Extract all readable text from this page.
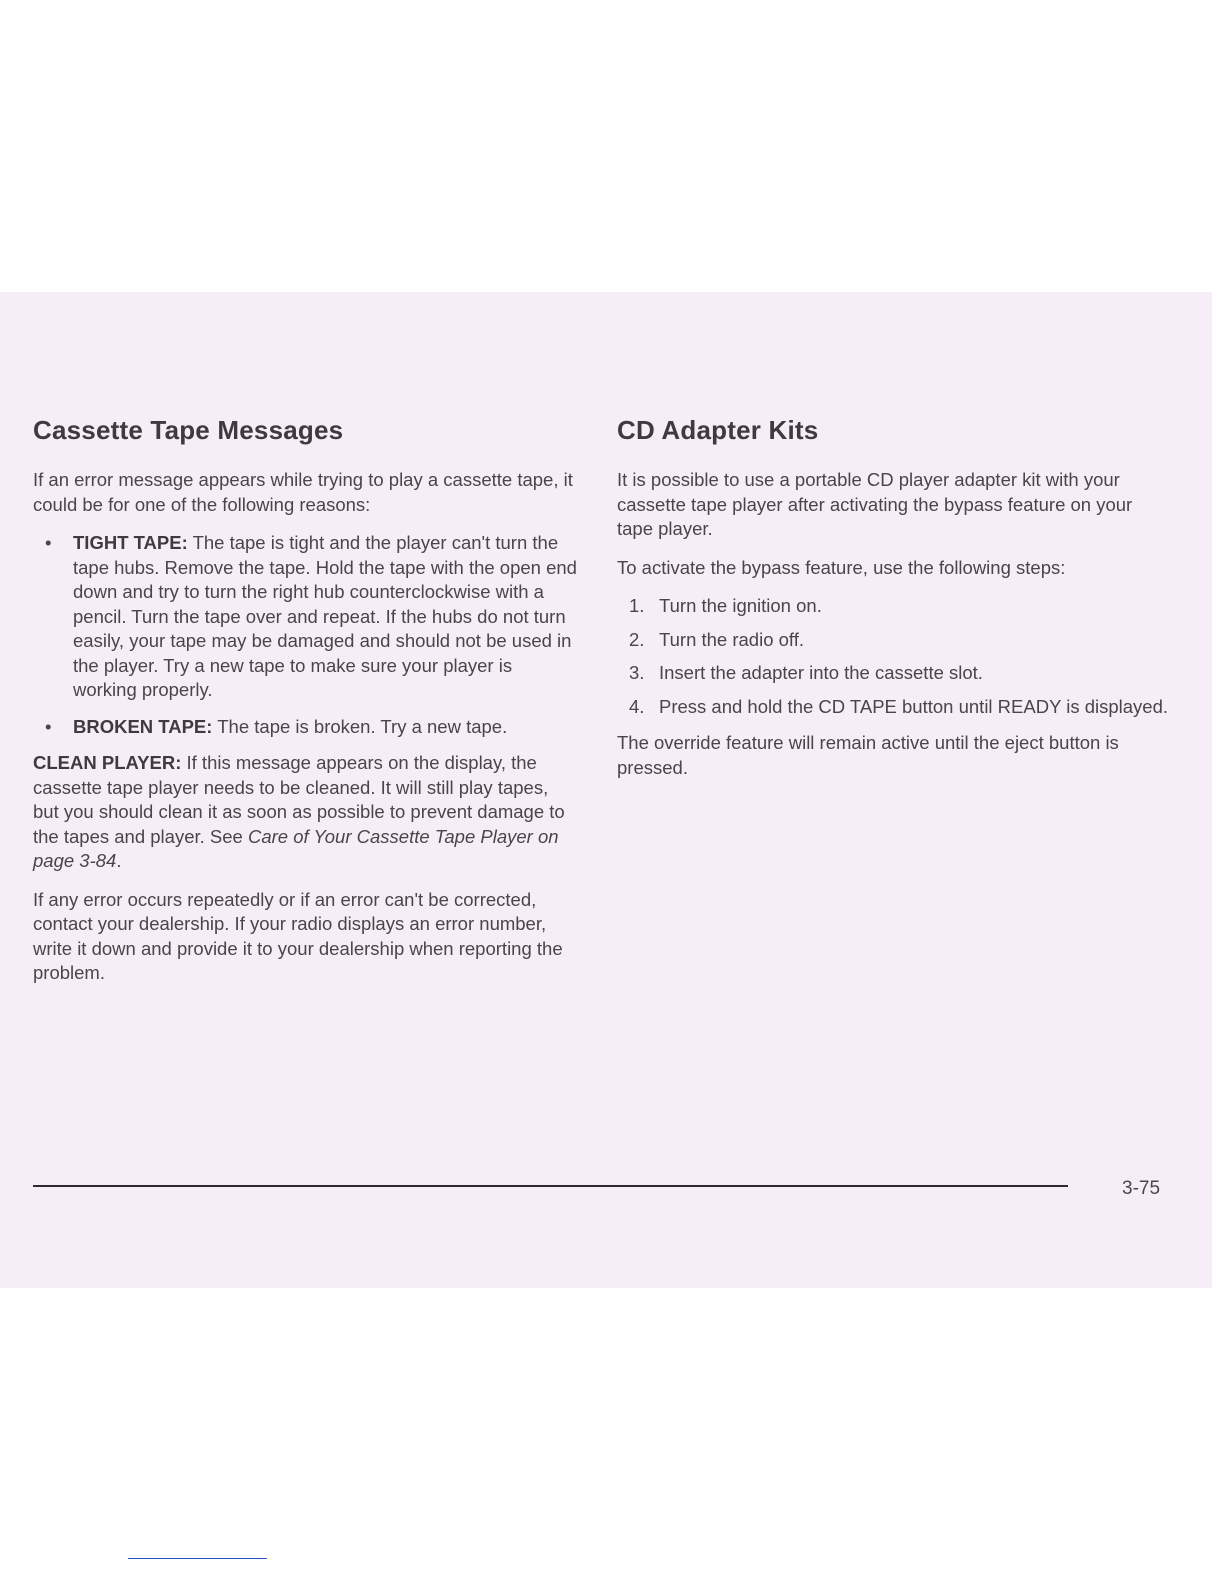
Cassette Tape Messages

If an error message appears while trying to play a cassette tape, it could be for one of the following reasons:

• TIGHT TAPE: The tape is tight and the player can't turn the tape hubs. Remove the tape. Hold the tape with the open end down and try to turn the right hub counterclockwise with a pencil. Turn the tape over and repeat. If the hubs do not turn easily, your tape may be damaged and should not be used in the player. Try a new tape to make sure your player is working properly.
• BROKEN TAPE: The tape is broken. Try a new tape.

CLEAN PLAYER: If this message appears on the display, the cassette tape player needs to be cleaned. It will still play tapes, but you should clean it as soon as possible to prevent damage to the tapes and player. See Care of Your Cassette Tape Player on page 3-84.

If any error occurs repeatedly or if an error can't be corrected, contact your dealership. If your radio displays an error number, write it down and provide it to your dealership when reporting the problem.

CD Adapter Kits

It is possible to use a portable CD player adapter kit with your cassette tape player after activating the bypass feature on your tape player.

To activate the bypass feature, use the following steps:

1. Turn the ignition on.
2. Turn the radio off.
3. Insert the adapter into the cassette slot.
4. Press and hold the CD TAPE button until READY is displayed.

The override feature will remain active until the eject button is pressed.

3-75
